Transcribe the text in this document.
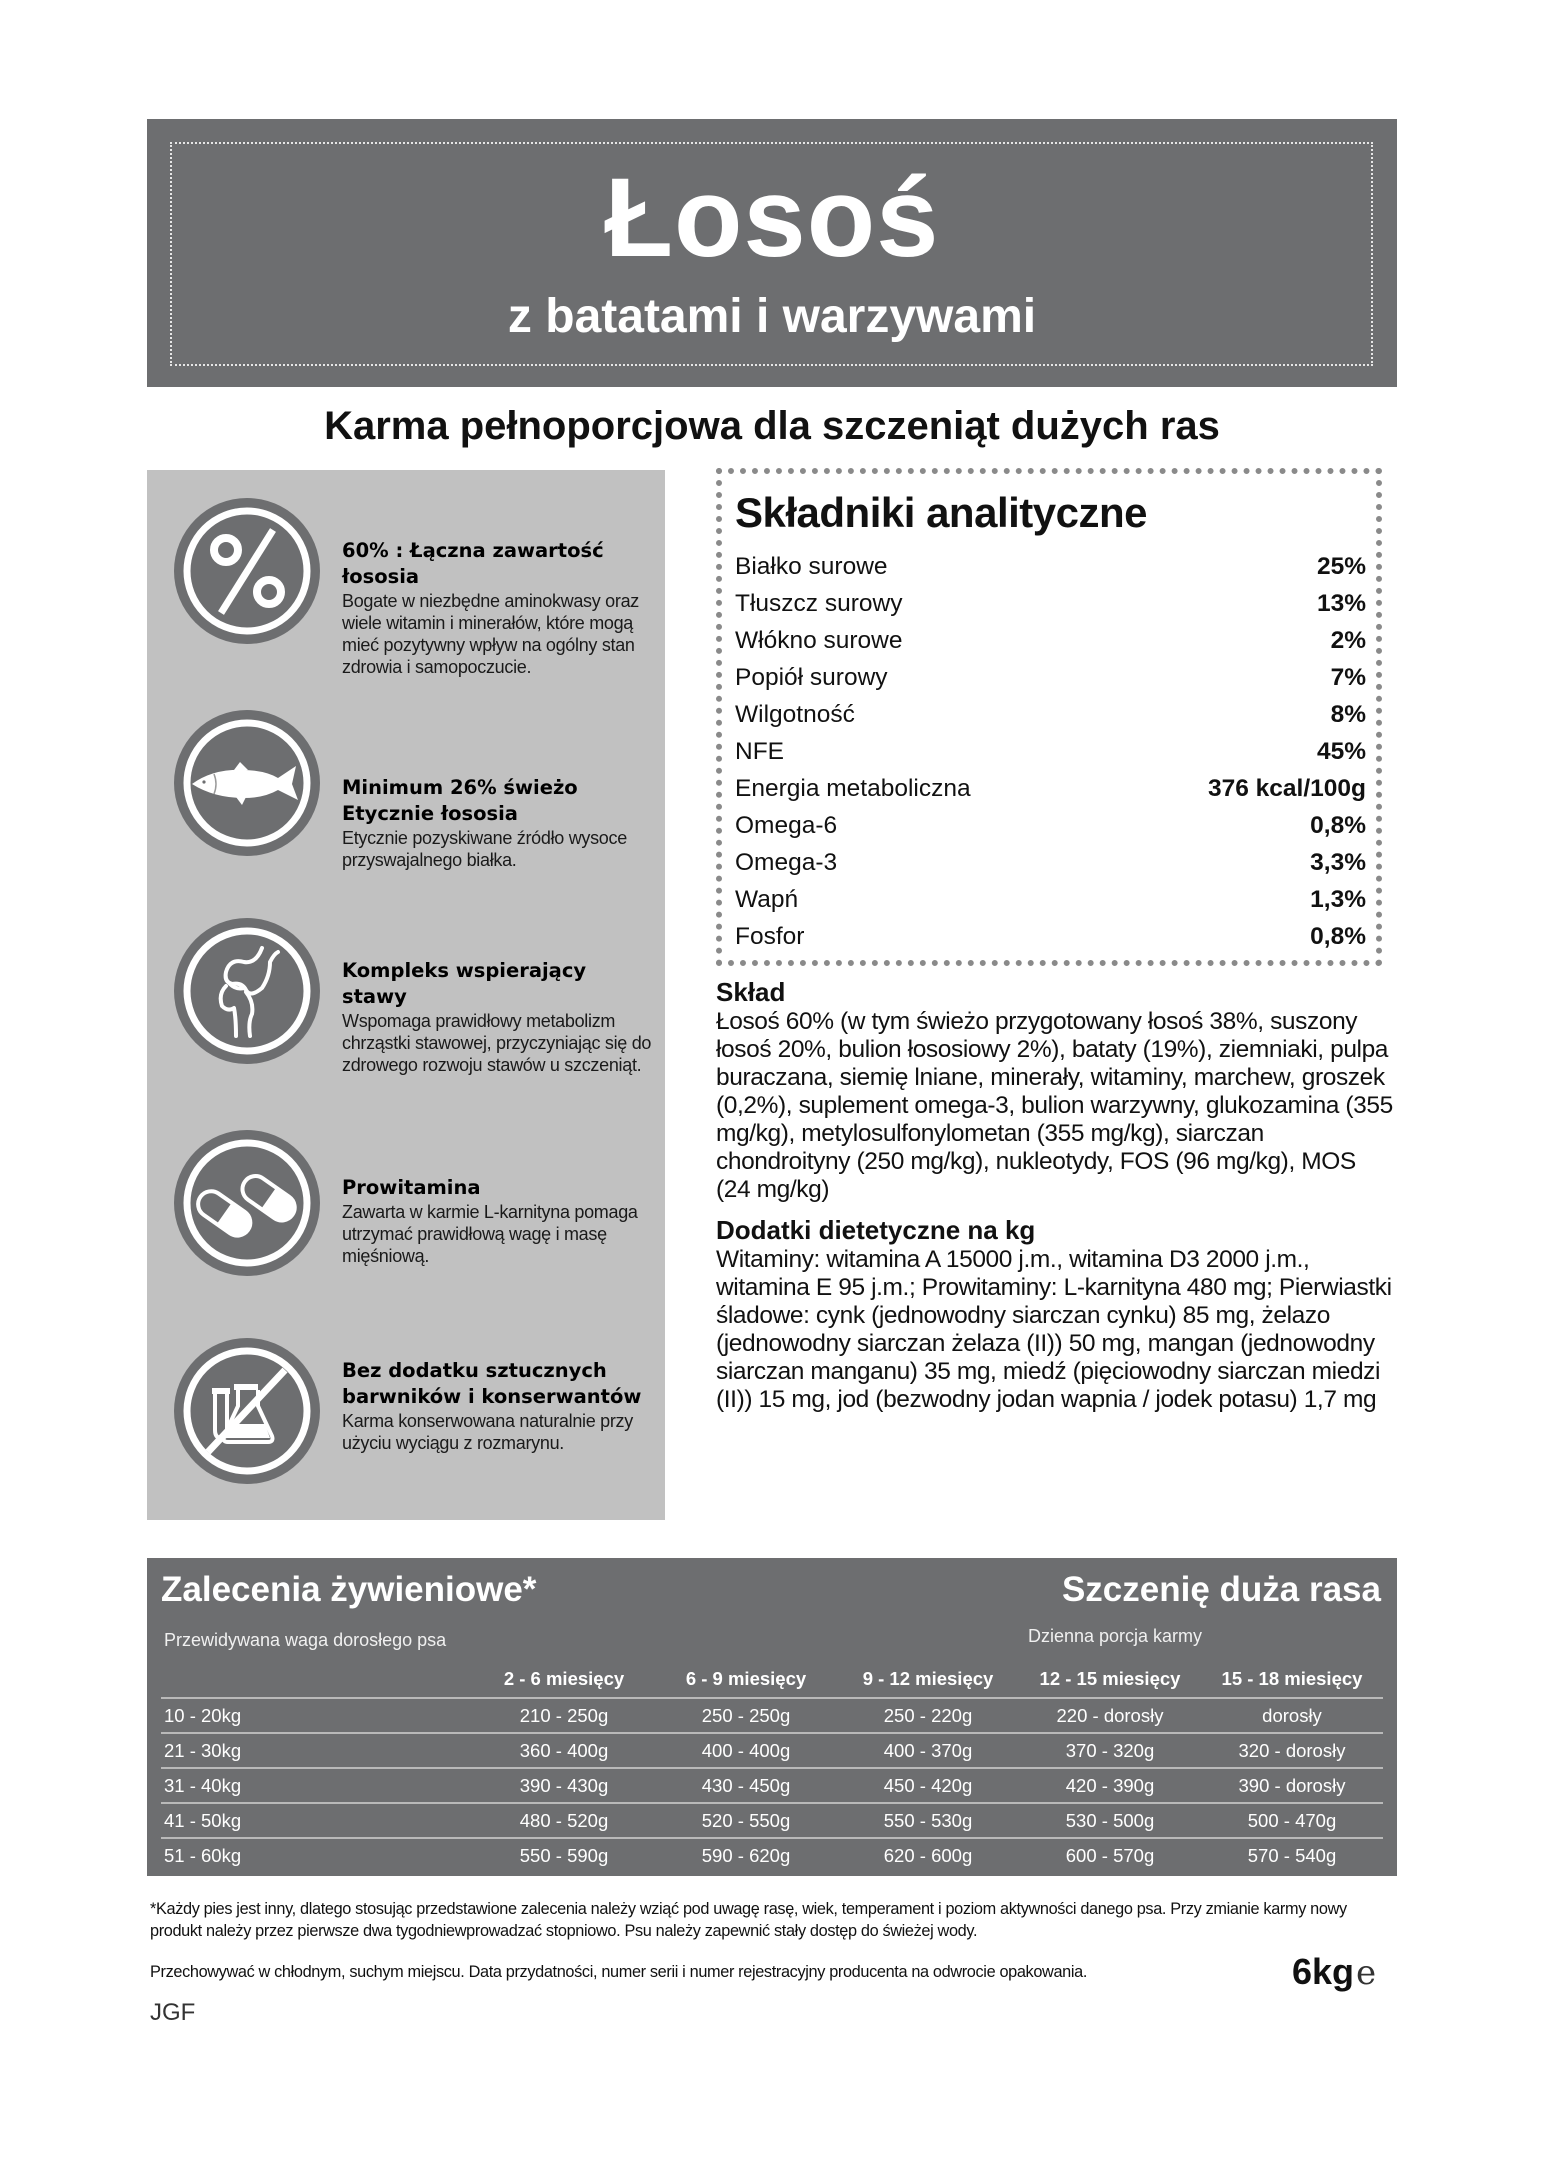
Łosoś
z batatami i warzywami
Karma pełnoporcjowa dla szczeniąt dużych ras
60% : Łączna zawartość łososia
Bogate w niezbędne aminokwasy oraz wiele witamin i minerałów, które mogą mieć pozytywny wpływ na ogólny stan zdrowia i samopoczucie.
Minimum 26% świeżo Etycznie łososia
Etycznie pozyskiwane źródło wysoce przyswajalnego białka.
Kompleks wspierający stawy
Wspomaga prawidłowy metabolizm chrząstki stawowej, przyczyniając się do zdrowego rozwoju stawów u szczeniąt.
Prowitamina
Zawarta w karmie L-karnityna pomaga utrzymać prawidłową wagę i masę mięśniową.
Bez dodatku sztucznych barwników i konserwantów
Karma konserwowana naturalnie przy użyciu wyciągu z rozmarynu.
Składniki analityczne
Białko surowe	25%
Tłuszcz surowy	13%
Włókno surowe	2%
Popiół surowy	7%
Wilgotność	8%
NFE	45%
Energia metaboliczna	376 kcal/100g
Omega-6	0,8%
Omega-3	3,3%
Wapń	1,3%
Fosfor	0,8%
Skład
Łosoś 60% (w tym świeżo przygotowany łosoś 38%, suszony łosoś 20%, bulion łososiowy 2%), bataty (19%), ziemniaki, pulpa buraczana, siemię lniane, minerały, witaminy, marchew, groszek (0,2%), suplement omega-3, bulion warzywny, glukozamina (355 mg/kg), metylosulfonylometan (355 mg/kg), siarczan chondroityny (250 mg/kg), nukleotydy, FOS (96 mg/kg), MOS (24 mg/kg)
Dodatki dietetyczne na kg
Witaminy: witamina A 15000 j.m., witamina D3 2000 j.m., witamina E 95 j.m.; Prowitaminy: L-karnityna 480 mg; Pierwiastki śladowe: cynk (jednowodny siarczan cynku) 85 mg, żelazo (jednowodny siarczan żelaza (II)) 50 mg, mangan (jednowodny siarczan manganu) 35 mg, miedź (pięciowodny siarczan miedzi (II)) 15 mg, jod (bezwodny jodan wapnia / jodek potasu) 1,7 mg
Zalecenia żywieniowe*	Szczenię duża rasa
Przewidywana waga dorosłego psa	Dzienna porcja karmy
	2 - 6 miesięcy	6 - 9 miesięcy	9 - 12 miesięcy	12 - 15 miesięcy	15 - 18 miesięcy
10 - 20kg	210 - 250g	250 - 250g	250 - 220g	220 - dorosły	dorosły
21 - 30kg	360 - 400g	400 - 400g	400 - 370g	370 - 320g	320 - dorosły
31 - 40kg	390 - 430g	430 - 450g	450 - 420g	420 - 390g	390 - dorosły
41 - 50kg	480 - 520g	520 - 550g	550 - 530g	530 - 500g	500 - 470g
51 - 60kg	550 - 590g	590 - 620g	620 - 600g	600 - 570g	570 - 540g
*Każdy pies jest inny, dlatego stosując przedstawione zalecenia należy wziąć pod uwagę rasę, wiek, temperament i poziom aktywności danego psa. Przy zmianie karmy nowy produkt należy przez pierwsze dwa tygodniewprowadzać stopniowo. Psu należy zapewnić stały dostęp do świeżej wody.
Przechowywać w chłodnym, suchym miejscu. Data przydatności, numer serii i numer rejestracyjny producenta na odwrocie opakowania.	6kge
JGF
